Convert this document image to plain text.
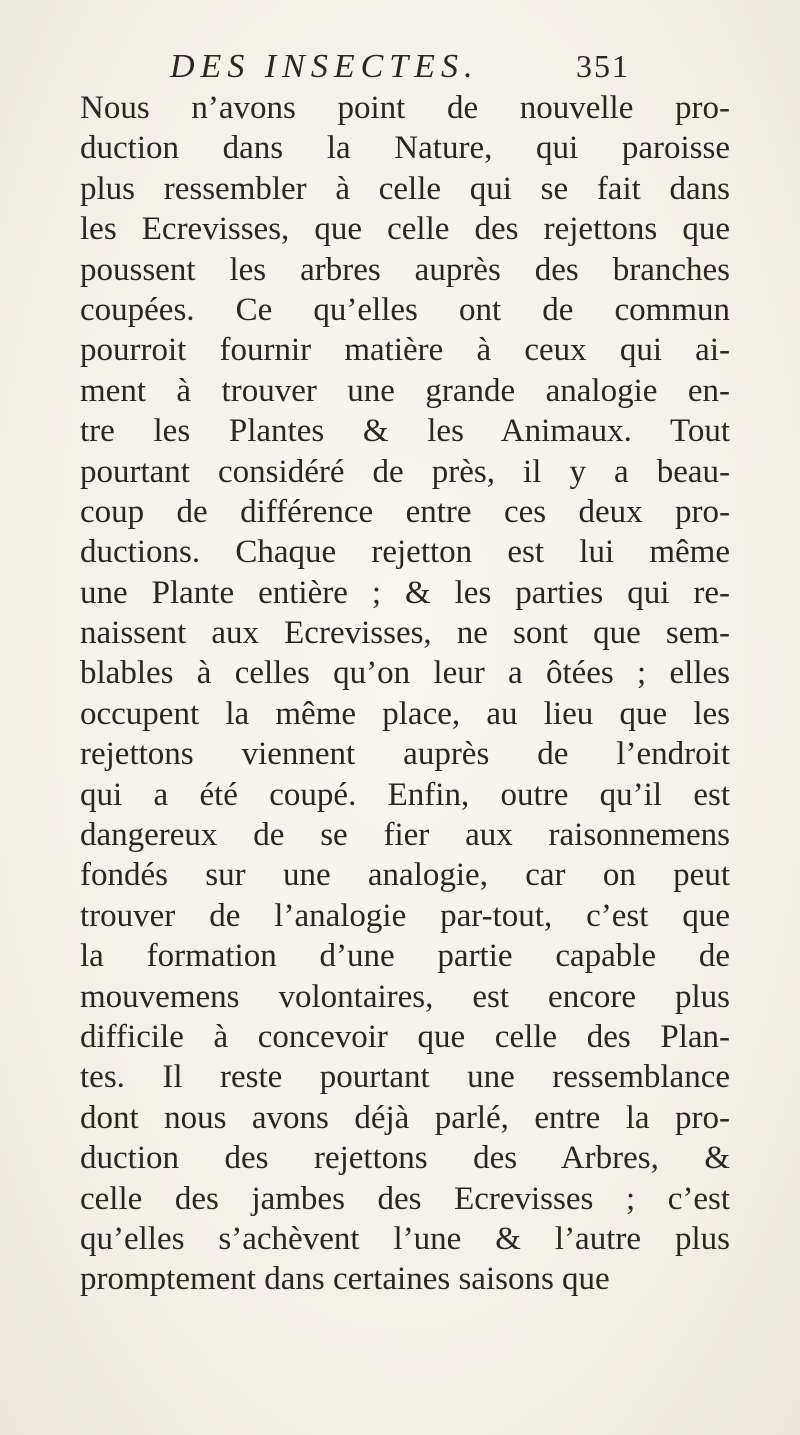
DES INSECTES.	351
Nous n’avons point de nouvelle pro-
duction dans la Nature, qui paroisse
plus ressembler à celle qui se fait dans
les Ecrevisses, que celle des rejettons que
poussent les arbres auprès des branches
coupées. Ce qu’elles ont de commun
pourroit fournir matière à ceux qui ai-
ment à trouver une grande analogie en-
tre les Plantes & les Animaux. Tout
pourtant considéré de près, il y a beau-
coup de différence entre ces deux pro-
ductions. Chaque rejetton est lui même
une Plante entière ; & les parties qui re-
naissent aux Ecrevisses, ne sont que sem-
blables à celles qu’on leur a ôtées ; elles
occupent la même place, au lieu que les
rejettons viennent auprès de l’endroit
qui a été coupé. Enfin, outre qu’il est
dangereux de se fier aux raisonnemens
fondés sur une analogie, car on peut
trouver de l’analogie par-tout, c’est que
la formation d’une partie capable de
mouvemens volontaires, est encore plus
difficile à concevoir que celle des Plan-
tes. Il reste pourtant une ressemblance
dont nous avons déjà parlé, entre la pro-
duction des rejettons des Arbres, &
celle des jambes des Ecrevisses ; c’est
qu’elles s’achèvent l’une & l’autre plus
promptement dans certaines saisons que
